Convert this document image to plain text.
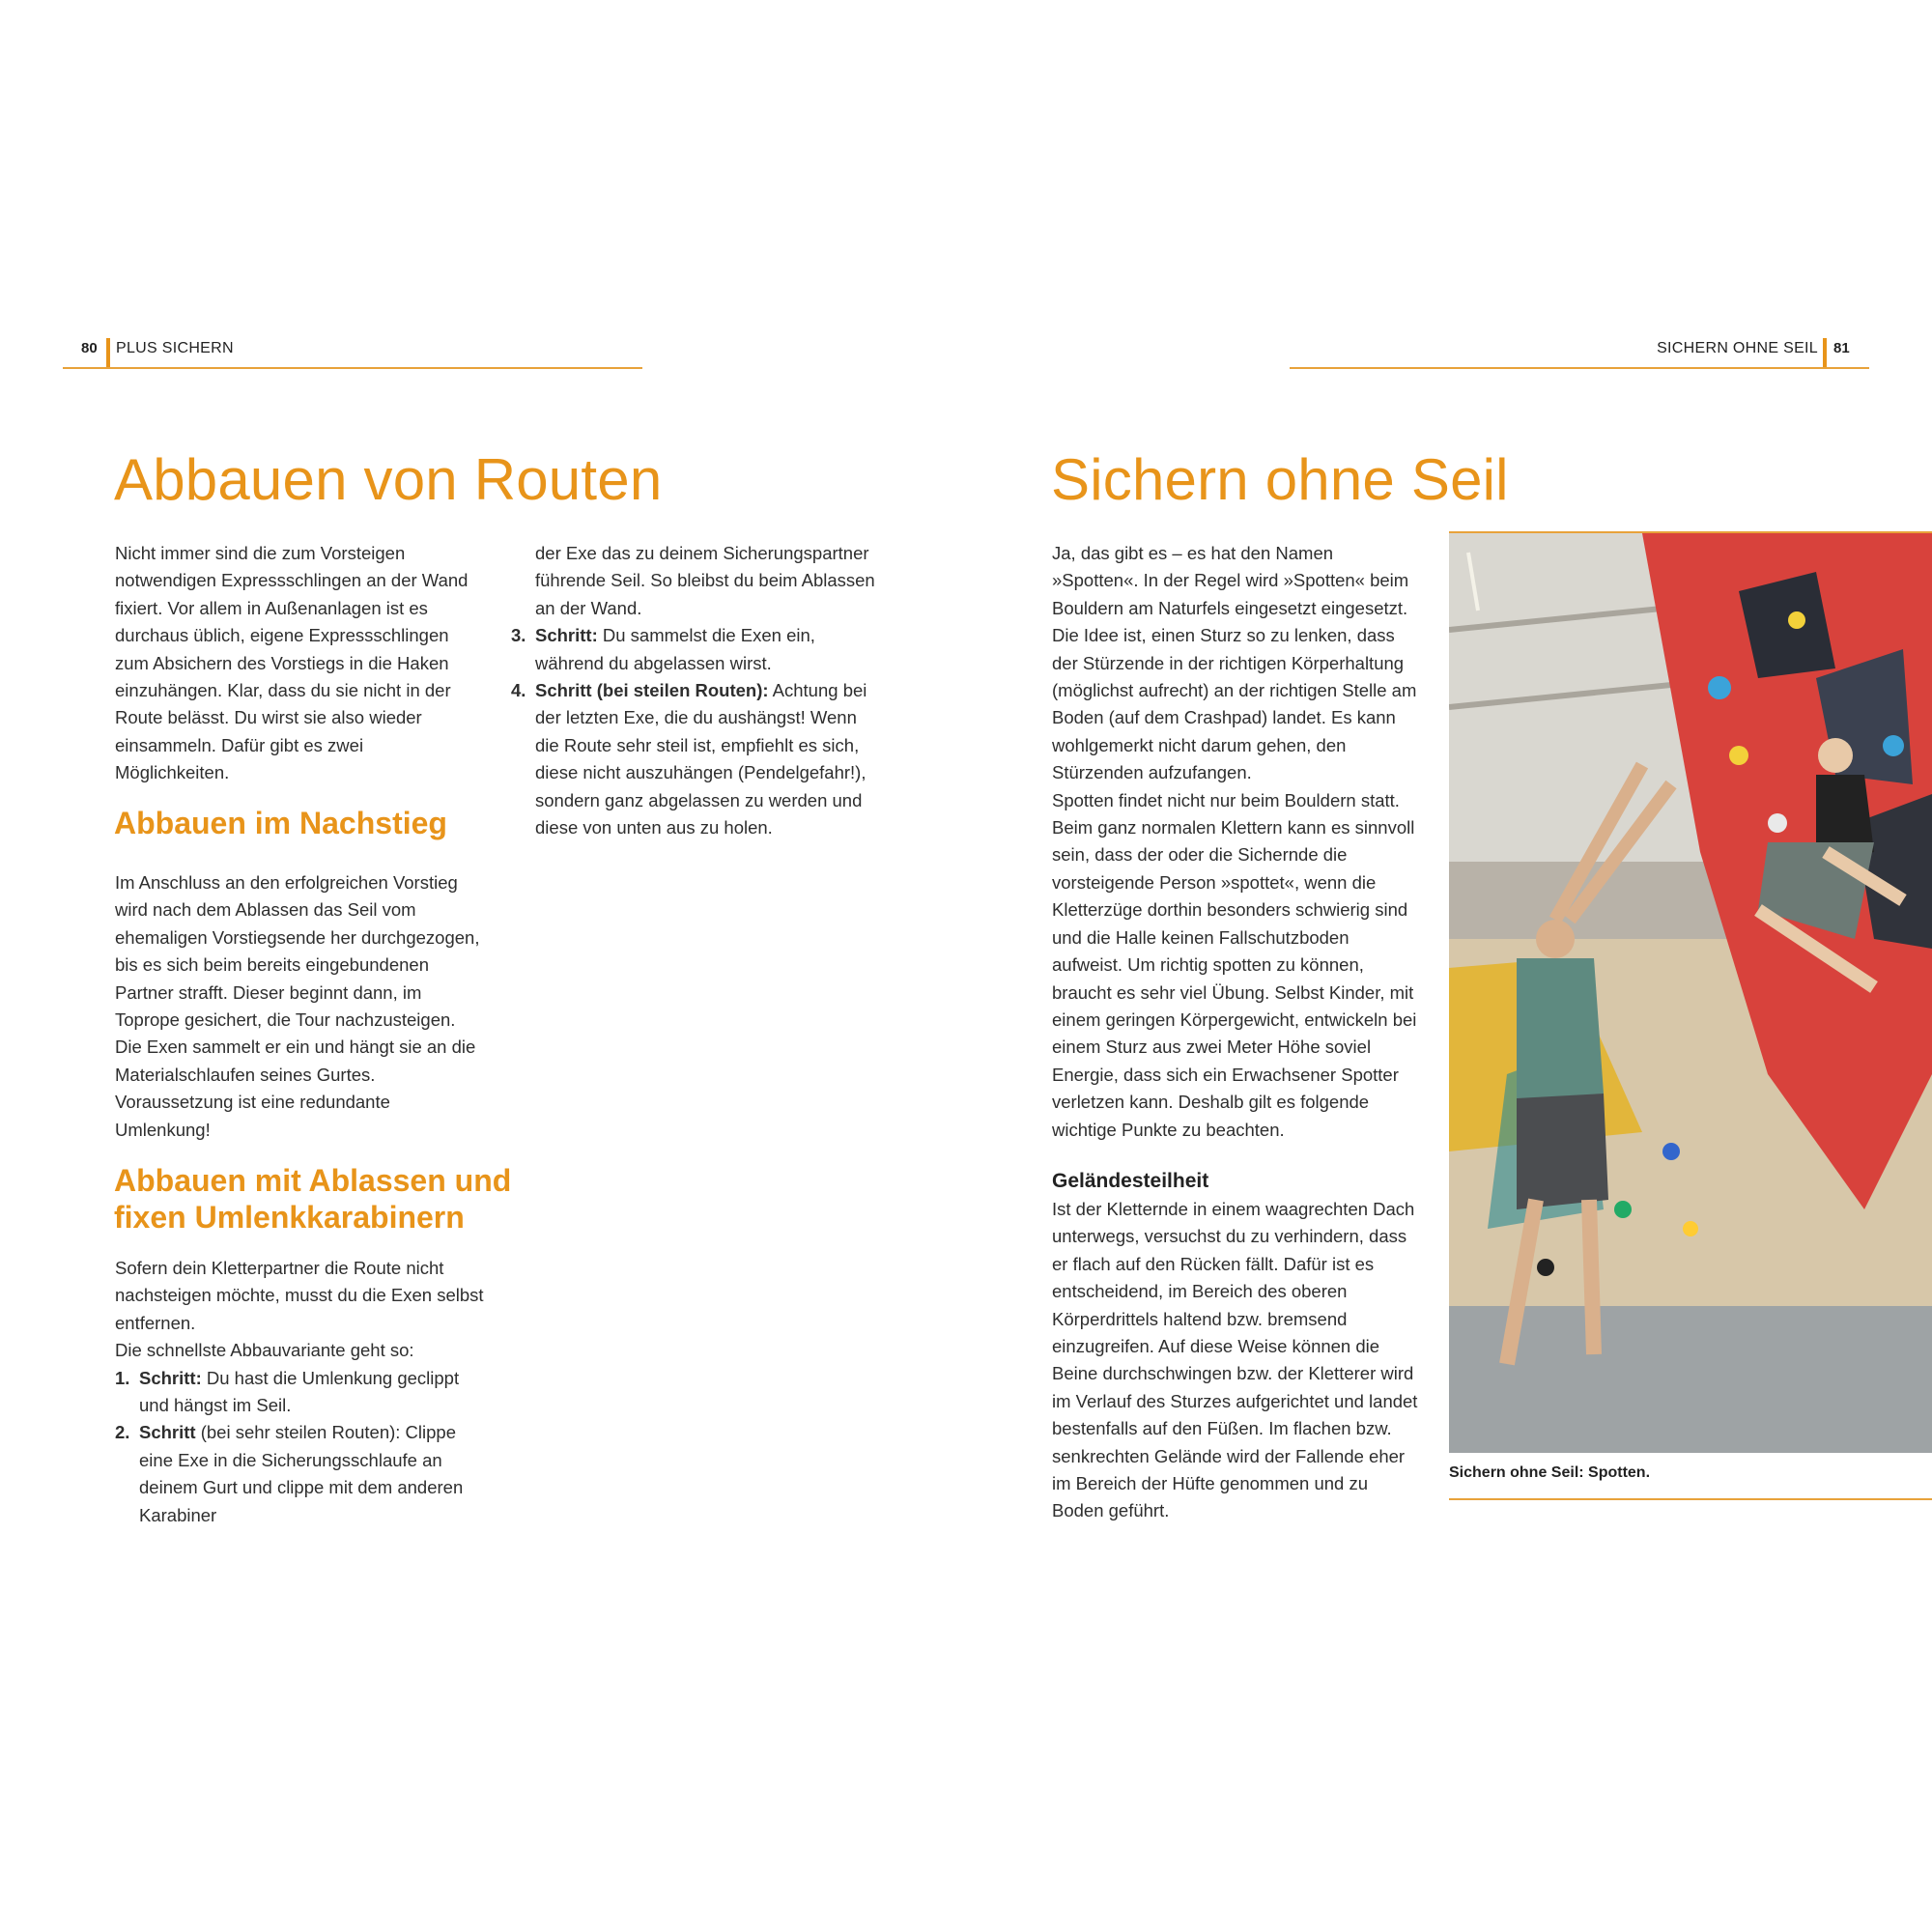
80 PLUS SICHERN	SICHERN OHNE SEIL 81
Abbauen von Routen

Nicht immer sind die zum Vorsteigen notwendigen Expressschlingen an der Wand fixiert. Vor allem in Außenanlagen ist es durchaus üblich, eigene Expressschlingen zum Absichern des Vorstiegs in die Haken einzuhängen. Klar, dass du sie nicht in der Route belässt. Du wirst sie also wieder einsammeln. Dafür gibt es zwei Möglichkeiten.

Abbauen im Nachstieg

Im Anschluss an den erfolgreichen Vorstieg wird nach dem Ablassen das Seil vom ehemaligen Vorstiegsende her durchgezogen, bis es sich beim bereits eingebundenen Partner strafft. Dieser beginnt dann, im Toprope gesichert, die Tour nachzusteigen. Die Exen sammelt er ein und hängt sie an die Materialschlaufen seines Gurtes. Voraussetzung ist eine redundante Umlenkung!

Abbauen mit Ablassen und
fixen Umlenkkarabinern

Sofern dein Kletterpartner die Route nicht nachsteigen möchte, musst du die Exen selbst entfernen.

Die schnellste Abbauvariante geht so:

1. Schritt: Du hast die Umlenkung geclippt und hängst im Seil.
2. Schritt (bei sehr steilen Routen): Clippe eine Exe in die Sicherungsschlaufe an deinem Gurt und clippe mit dem anderen Karabiner

der Exe das zu deinem Sicherungspartner führende Seil. So bleibst du beim Ablassen an der Wand.

3. Schritt: Du sammelst die Exen ein, während du abgelassen wirst.
4. Schritt (bei steilen Routen): Achtung bei der letzten Exe, die du aushängst! Wenn die Route sehr steil ist, empfiehlt es sich, diese nicht auszuhängen (Pendelgefahr!), sondern ganz abgelassen zu werden und diese von unten aus zu holen.
Sichern ohne Seil

Ja, das gibt es – es hat den Namen »Spotten«. In der Regel wird »Spotten« beim Bouldern am Naturfels eingesetzt eingesetzt. Die Idee ist, einen Sturz so zu lenken, dass der Stürzende in der richtigen Körperhaltung (möglichst aufrecht) an der richtigen Stelle am Boden (auf dem Crashpad) landet. Es kann wohlgemerkt nicht darum gehen, den Stürzenden aufzufangen.

Spotten findet nicht nur beim Bouldern statt. Beim ganz normalen Klettern kann es sinnvoll sein, dass der oder die Sichernde die vorsteigende Person »spottet«, wenn die Kletterzüge dorthin besonders schwierig sind und die Halle keinen Fallschutzboden aufweist. Um richtig spotten zu können, braucht es sehr viel Übung. Selbst Kinder, mit einem geringen Körpergewicht, entwickeln bei einem Sturz aus zwei Meter Höhe soviel Energie, dass sich ein Erwachsener Spotter verletzen kann. Deshalb gilt es folgende wichtige Punkte zu beachten.

Geländesteilheit

Ist der Kletternde in einem waagrechten Dach unterwegs, versuchst du zu verhindern, dass er flach auf den Rücken fällt. Dafür ist es entscheidend, im Bereich des oberen Körperdrittels haltend bzw. bremsend einzugreifen. Auf diese Weise können die Beine durchschwingen bzw. der Kletterer wird im Verlauf des Sturzes aufgerichtet und landet bestenfalls auf den Füßen. Im flachen bzw. senkrechten Gelände wird der Fallende eher im Bereich der Hüfte genommen und zu Boden geführt.

Sichern ohne Seil: Spotten.
